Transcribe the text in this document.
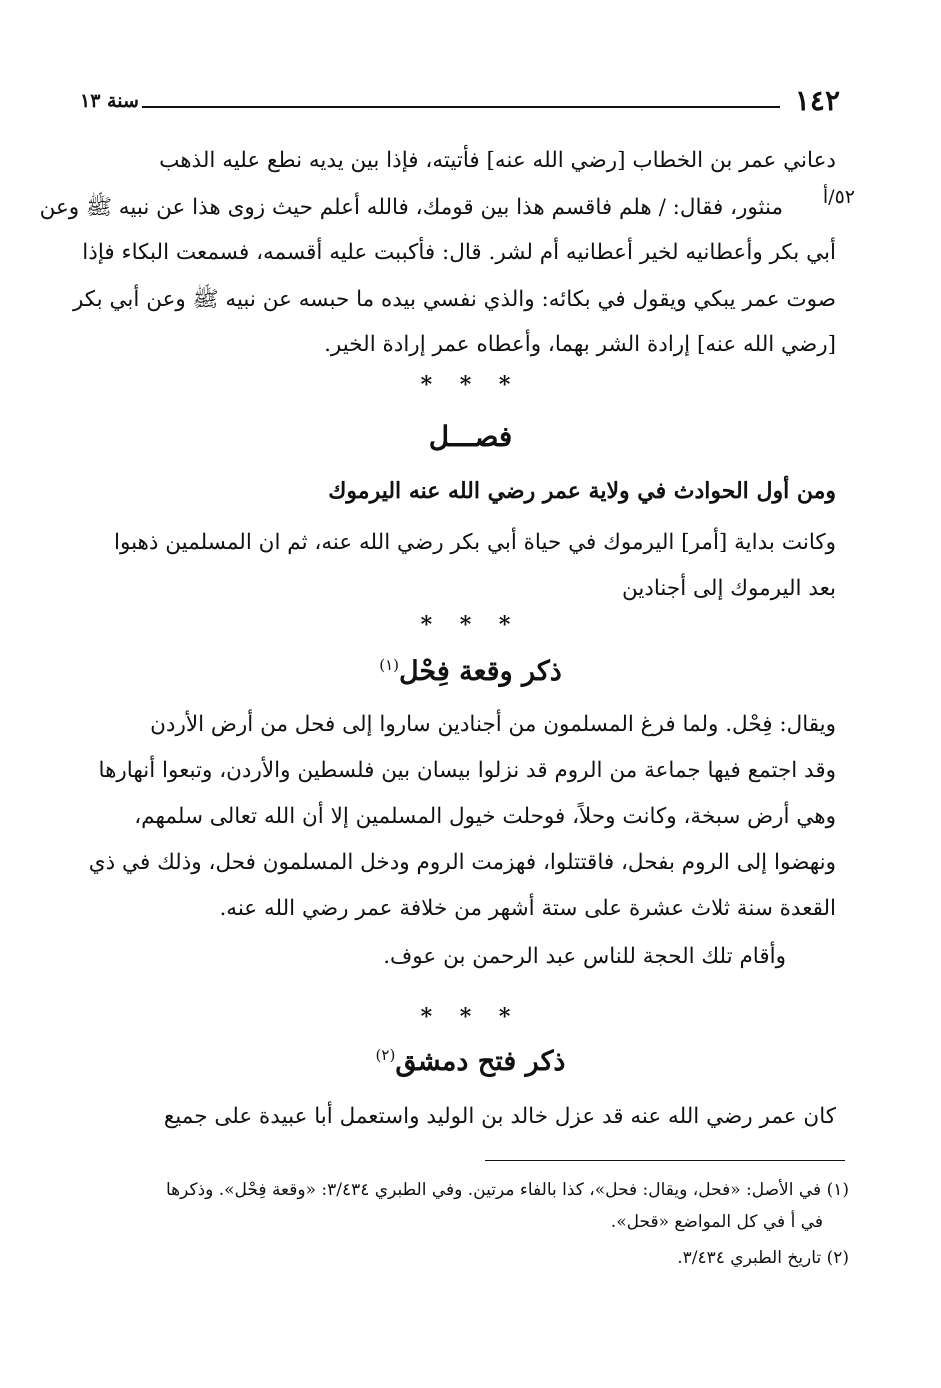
١٤٢
سنة ١٣
دعاني عمر بن الخطاب [رضي الله عنه] فأتيته، فإذا بين يديه نطع عليه الذهب
٥٢/أ
منثور، فقال: / هلم فاقسم هذا بين قومك، فالله أعلم حيث زوى هذا عن نبيه ﷺ وعن
أبي بكر وأعطانيه لخير أعطانيه أم لشر. قال: فأكببت عليه أقسمه، فسمعت البكاء فإذا
صوت عمر يبكي ويقول في بكائه: والذي نفسي بيده ما حبسه عن نبيه ﷺ وعن أبي بكر
[رضي الله عنه] إرادة الشر بهما، وأعطاه عمر إرادة الخير.
* * *
فصـــل
ومن أول الحوادث في ولاية عمر رضي الله عنه اليرموك
وكانت بداية [أمر] اليرموك في حياة أبي بكر رضي الله عنه، ثم ان المسلمين ذهبوا
بعد اليرموك إلى أجنادين
* * *
ذكر وقعة فِحْل$^{(١)}$
ويقال: فِحْل. ولما فرغ المسلمون من أجنادين ساروا إلى فحل من أرض الأردن
وقد اجتمع فيها جماعة من الروم قد نزلوا بيسان بين فلسطين والأردن، وتبعوا أنهارها
وهي أرض سبخة، وكانت وحلاً، فوحلت خيول المسلمين إلا أن الله تعالى سلمهم،
ونهضوا إلى الروم بفحل، فاقتتلوا، فهزمت الروم ودخل المسلمون فحل، وذلك في ذي
القعدة سنة ثلاث عشرة على ستة أشهر من خلافة عمر رضي الله عنه.
وأقام تلك الحجة للناس عبد الرحمن بن عوف.
* * *
ذكر فتح دمشق$^{(٢)}$
كان عمر رضي الله عنه قد عزل خالد بن الوليد واستعمل أبا عبيدة على جميع
(١) في الأصل: «فحل، ويقال: فحل»، كذا بالفاء مرتين. وفي الطبري ٣/٤٣٤: «وقعة فِحْل». وذكرها
في أ في كل المواضع «قحل».
(٢) تاريخ الطبري ٣/٤٣٤.
